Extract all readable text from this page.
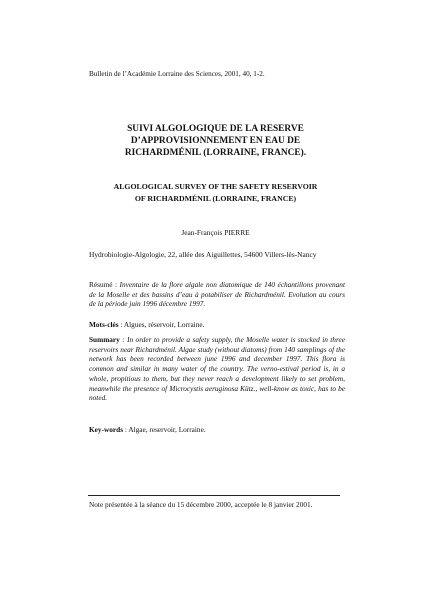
Bulletin de l’Académie Lorraine des Sciences, 2001, 40, 1-2.
SUIVI ALGOLOGIQUE DE LA RESERVE
D’APPROVISIONNEMENT EN EAU DE
RICHARDMÉNIL (LORRAINE, FRANCE).
ALGOLOGICAL SURVEY OF THE SAFETY RESERVOIR
OF RICHARDMÉNIL (LORRAINE, FRANCE)
Jean-François PIERRE
Hydrobiologie-Algologie, 22, allée des Aiguillettes, 54600 Villers-lès-Nancy
Résumé : Inventaire de la flore algale non diatomique de 140 échantillons provenant de la Moselle et des bassins d’eau à potabiliser de Richardménil. Evolution au cours de la période juin 1996 décembre 1997.
Mots-clés : Algues, réservoir, Lorraine.
Summary : In order to provide a safety supply, the Moselle water is stocked in three reservoirs near Richardménil. Algae study (without diatoms) from 140 samplings of the network has been recorded between june 1996 and december 1997. This flora is common and similar in many water of the country. The verno-estival period is, in a whole, propitious to them, but they never reach a development likely to set problem, meanwhile the presence of Microcystis aeruginosa Kütz., well-know as toxic, has to be noted.
Key-words : Algae, reservoir, Lorraine.
Note présentée à la séance du 15 décembre 2000, acceptée le 8 janvier 2001.
